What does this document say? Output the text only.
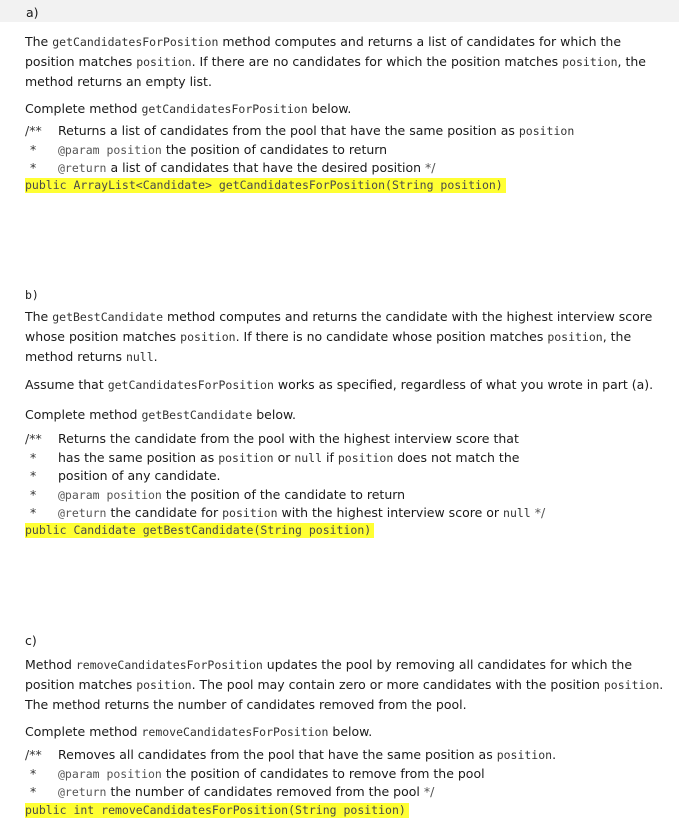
a)

The getCandidatesForPosition method computes and returns a list of candidates for which the position matches position. If there are no candidates for which the position matches position, the method returns an empty list.

Complete method getCandidatesForPosition below.

/** Returns a list of candidates from the pool that have the same position as position
*	@param position the position of candidates to return
*	@return a list of candidates that have the desired position */
public ArrayList<Candidate> getCandidatesForPosition(String position)
b)

The getBestCandidate method computes and returns the candidate with the highest interview score whose position matches position. If there is no candidate whose position matches position, the method returns null.

Assume that getCandidatesForPosition works as specified, regardless of what you wrote in part (a).

Complete method getBestCandidate below.

/** Returns the candidate from the pool with the highest interview score that
*	has the same position as position or null if position does not match the
*	position of any candidate.
*	@param position the position of the candidate to return
*	@return the candidate for position with the highest interview score or null */
public Candidate getBestCandidate(String position)
c)

Method removeCandidatesForPosition updates the pool by removing all candidates for which the position matches position. The pool may contain zero or more candidates with the position position. The method returns the number of candidates removed from the pool.

Complete method removeCandidatesForPosition below.

/** Removes all candidates from the pool that have the same position as position.
*	@param position the position of candidates to remove from the pool
*	@return the number of candidates removed from the pool */
public int removeCandidatesForPosition(String position)
